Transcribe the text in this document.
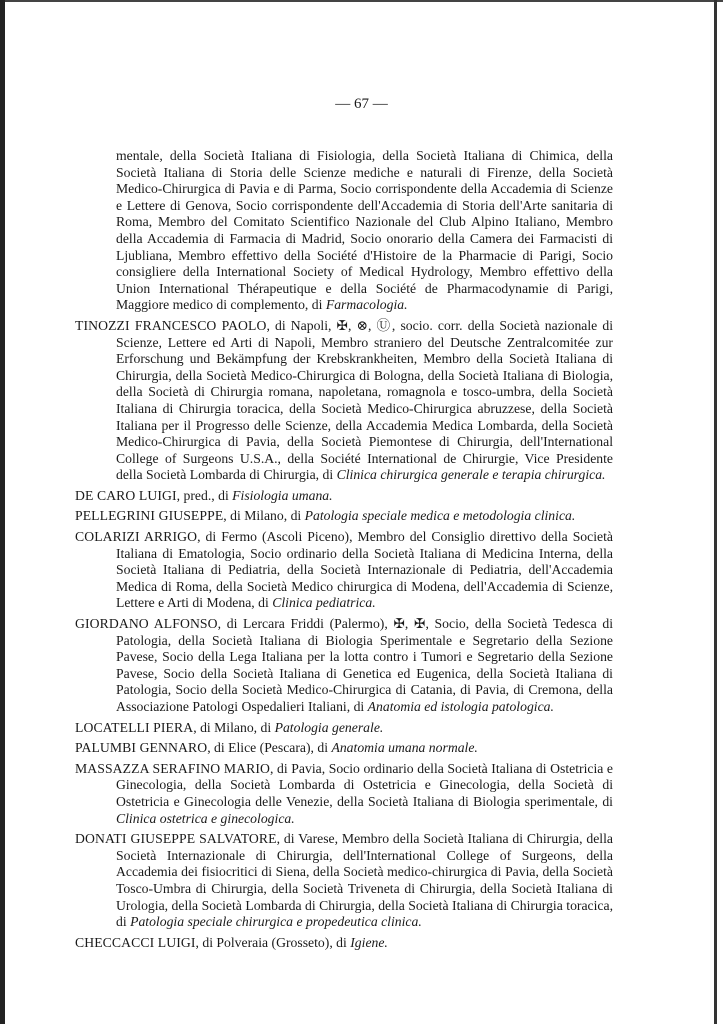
— 67 —

mentale, della Società Italiana di Fisiologia, della Società Italiana di Chimica, della Società Italiana di Storia delle Scienze mediche e naturali di Firenze, della Società Medico-Chirurgica di Pavia e di Parma, Socio corrispondente della Accademia di Scienze e Lettere di Genova, Socio corrispondente dell'Accademia di Storia dell'Arte sanitaria di Roma, Membro del Comitato Scientifico Nazionale del Club Alpino Italiano, Membro della Accademia di Farmacia di Madrid, Socio onorario della Camera dei Farmacisti di Ljubliana, Membro effettivo della Société d'Histoire de la Pharmacie di Parigi, Socio consigliere della International Society of Medical Hydrology, Membro effettivo della Union International Thérapeutique e della Société de Pharmacodynamie di Parigi, Maggiore medico di complemento, di Farmacologia.

TINOZZI FRANCESCO PAOLO, di Napoli, ✠, ⊗, Ⓤ, socio. corr. della Società nazionale di Scienze, Lettere ed Arti di Napoli, Membro straniero del Deutsche Zentralcomitée zur Erforschung und Bekämpfung der Krebskrankheiten, Membro della Società Italiana di Chirurgia, della Società Medico-Chirurgica di Bologna, della Società Italiana di Biologia, della Società di Chirurgia romana, napoletana, romagnola e tosco-umbra, della Società Italiana di Chirurgia toracica, della Società Medico-Chirurgica abruzzese, della Società Italiana per il Progresso delle Scienze, della Accademia Medica Lombarda, della Società Medico-Chirurgica di Pavia, della Società Piemontese di Chirurgia, dell'International College of Surgeons U.S.A., della Société International de Chirurgie, Vice Presidente della Società Lombarda di Chirurgia, di Clinica chirurgica generale e terapia chirurgica.

DE CARO LUIGI, pred., di Fisiologia umana.

PELLEGRINI GIUSEPPE, di Milano, di Patologia speciale medica e metodologia clinica.

COLARIZI ARRIGO, di Fermo (Ascoli Piceno), Membro del Consiglio direttivo della Società Italiana di Ematologia, Socio ordinario della Società Italiana di Medicina Interna, della Società Italiana di Pediatria, della Società Internazionale di Pediatria, dell'Accademia Medica di Roma, della Società Medico chirurgica di Modena, dell'Accademia di Scienze, Lettere e Arti di Modena, di Clinica pediatrica.

GIORDANO ALFONSO, di Lercara Friddi (Palermo), ✠, ✠, Socio, della Società Tedesca di Patologia, della Società Italiana di Biologia Sperimentale e Segretario della Sezione Pavese, Socio della Lega Italiana per la lotta contro i Tumori e Segretario della Sezione Pavese, Socio della Società Italiana di Genetica ed Eugenica, della Società Italiana di Patologia, Socio della Società Medico-Chirurgica di Catania, di Pavia, di Cremona, della Associazione Patologi Ospedalieri Italiani, di Anatomia ed istologia patologica.

LOCATELLI PIERA, di Milano, di Patologia generale.

PALUMBI GENNARO, di Elice (Pescara), di Anatomia umana normale.

MASSAZZA SERAFINO MARIO, di Pavia, Socio ordinario della Società Italiana di Ostetricia e Ginecologia, della Società Lombarda di Ostetricia e Ginecologia, della Società di Ostetricia e Ginecologia delle Venezie, della Società Italiana di Biologia sperimentale, di Clinica ostetrica e ginecologica.

DONATI GIUSEPPE SALVATORE, di Varese, Membro della Società Italiana di Chirurgia, della Società Internazionale di Chirurgia, dell'International College of Surgeons, della Accademia dei fisiocritici di Siena, della Società medico-chirurgica di Pavia, della Società Tosco-Umbra di Chirurgia, della Società Triveneta di Chirurgia, della Società Italiana di Urologia, della Società Lombarda di Chirurgia, della Società Italiana di Chirurgia toracica, di Patologia speciale chirurgica e propedeutica clinica.

CHECCACCI LUIGI, di Polveraia (Grosseto), di Igiene.
